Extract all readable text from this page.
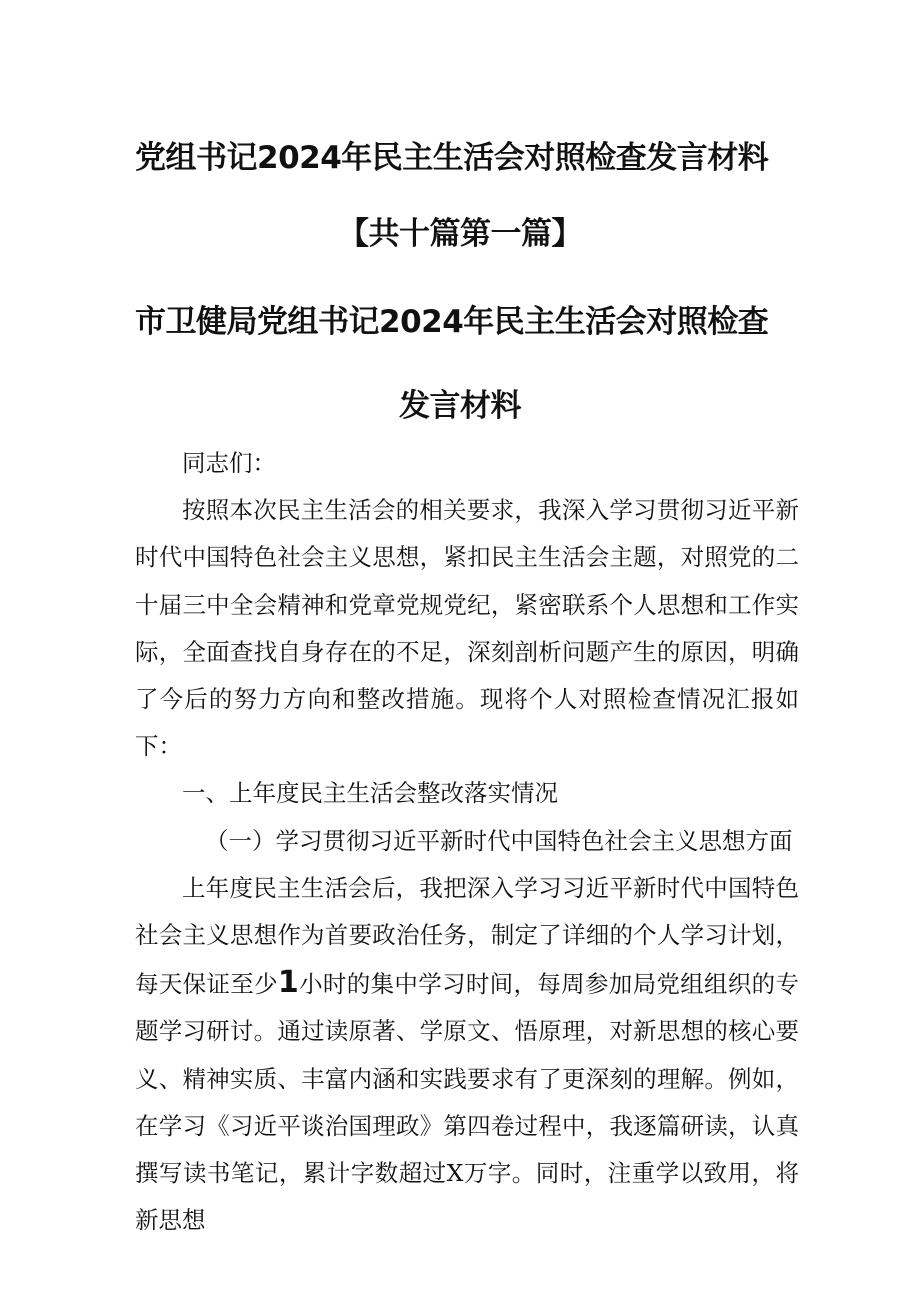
党组书记2024年民主生活会对照检查发言材料
【共十篇第一篇】
市卫健局党组书记2024年民主生活会对照检查
发言材料

同志们：

按照本次民主生活会的相关要求，我深入学习贯彻习近平新时代中国特色社会主义思想，紧扣民主生活会主题，对照党的二十届三中全会精神和党章党规党纪，紧密联系个人思想和工作实际，全面查找自身存在的不足，深刻剖析问题产生的原因，明确了今后的努力方向和整改措施。现将个人对照检查情况汇报如下：

一、上年度民主生活会整改落实情况

（一）学习贯彻习近平新时代中国特色社会主义思想方面

上年度民主生活会后，我把深入学习习近平新时代中国特色社会主义思想作为首要政治任务，制定了详细的个人学习计划，每天保证至少1小时的集中学习时间，每周参加局党组组织的专题学习研讨。通过读原著、学原文、悟原理，对新思想的核心要义、精神实质、丰富内涵和实践要求有了更深刻的理解。例如，在学习《习近平谈治国理政》第四卷过程中，我逐篇研读，认真撰写读书笔记，累计字数超过X万字。同时，注重学以致用，将新思想
